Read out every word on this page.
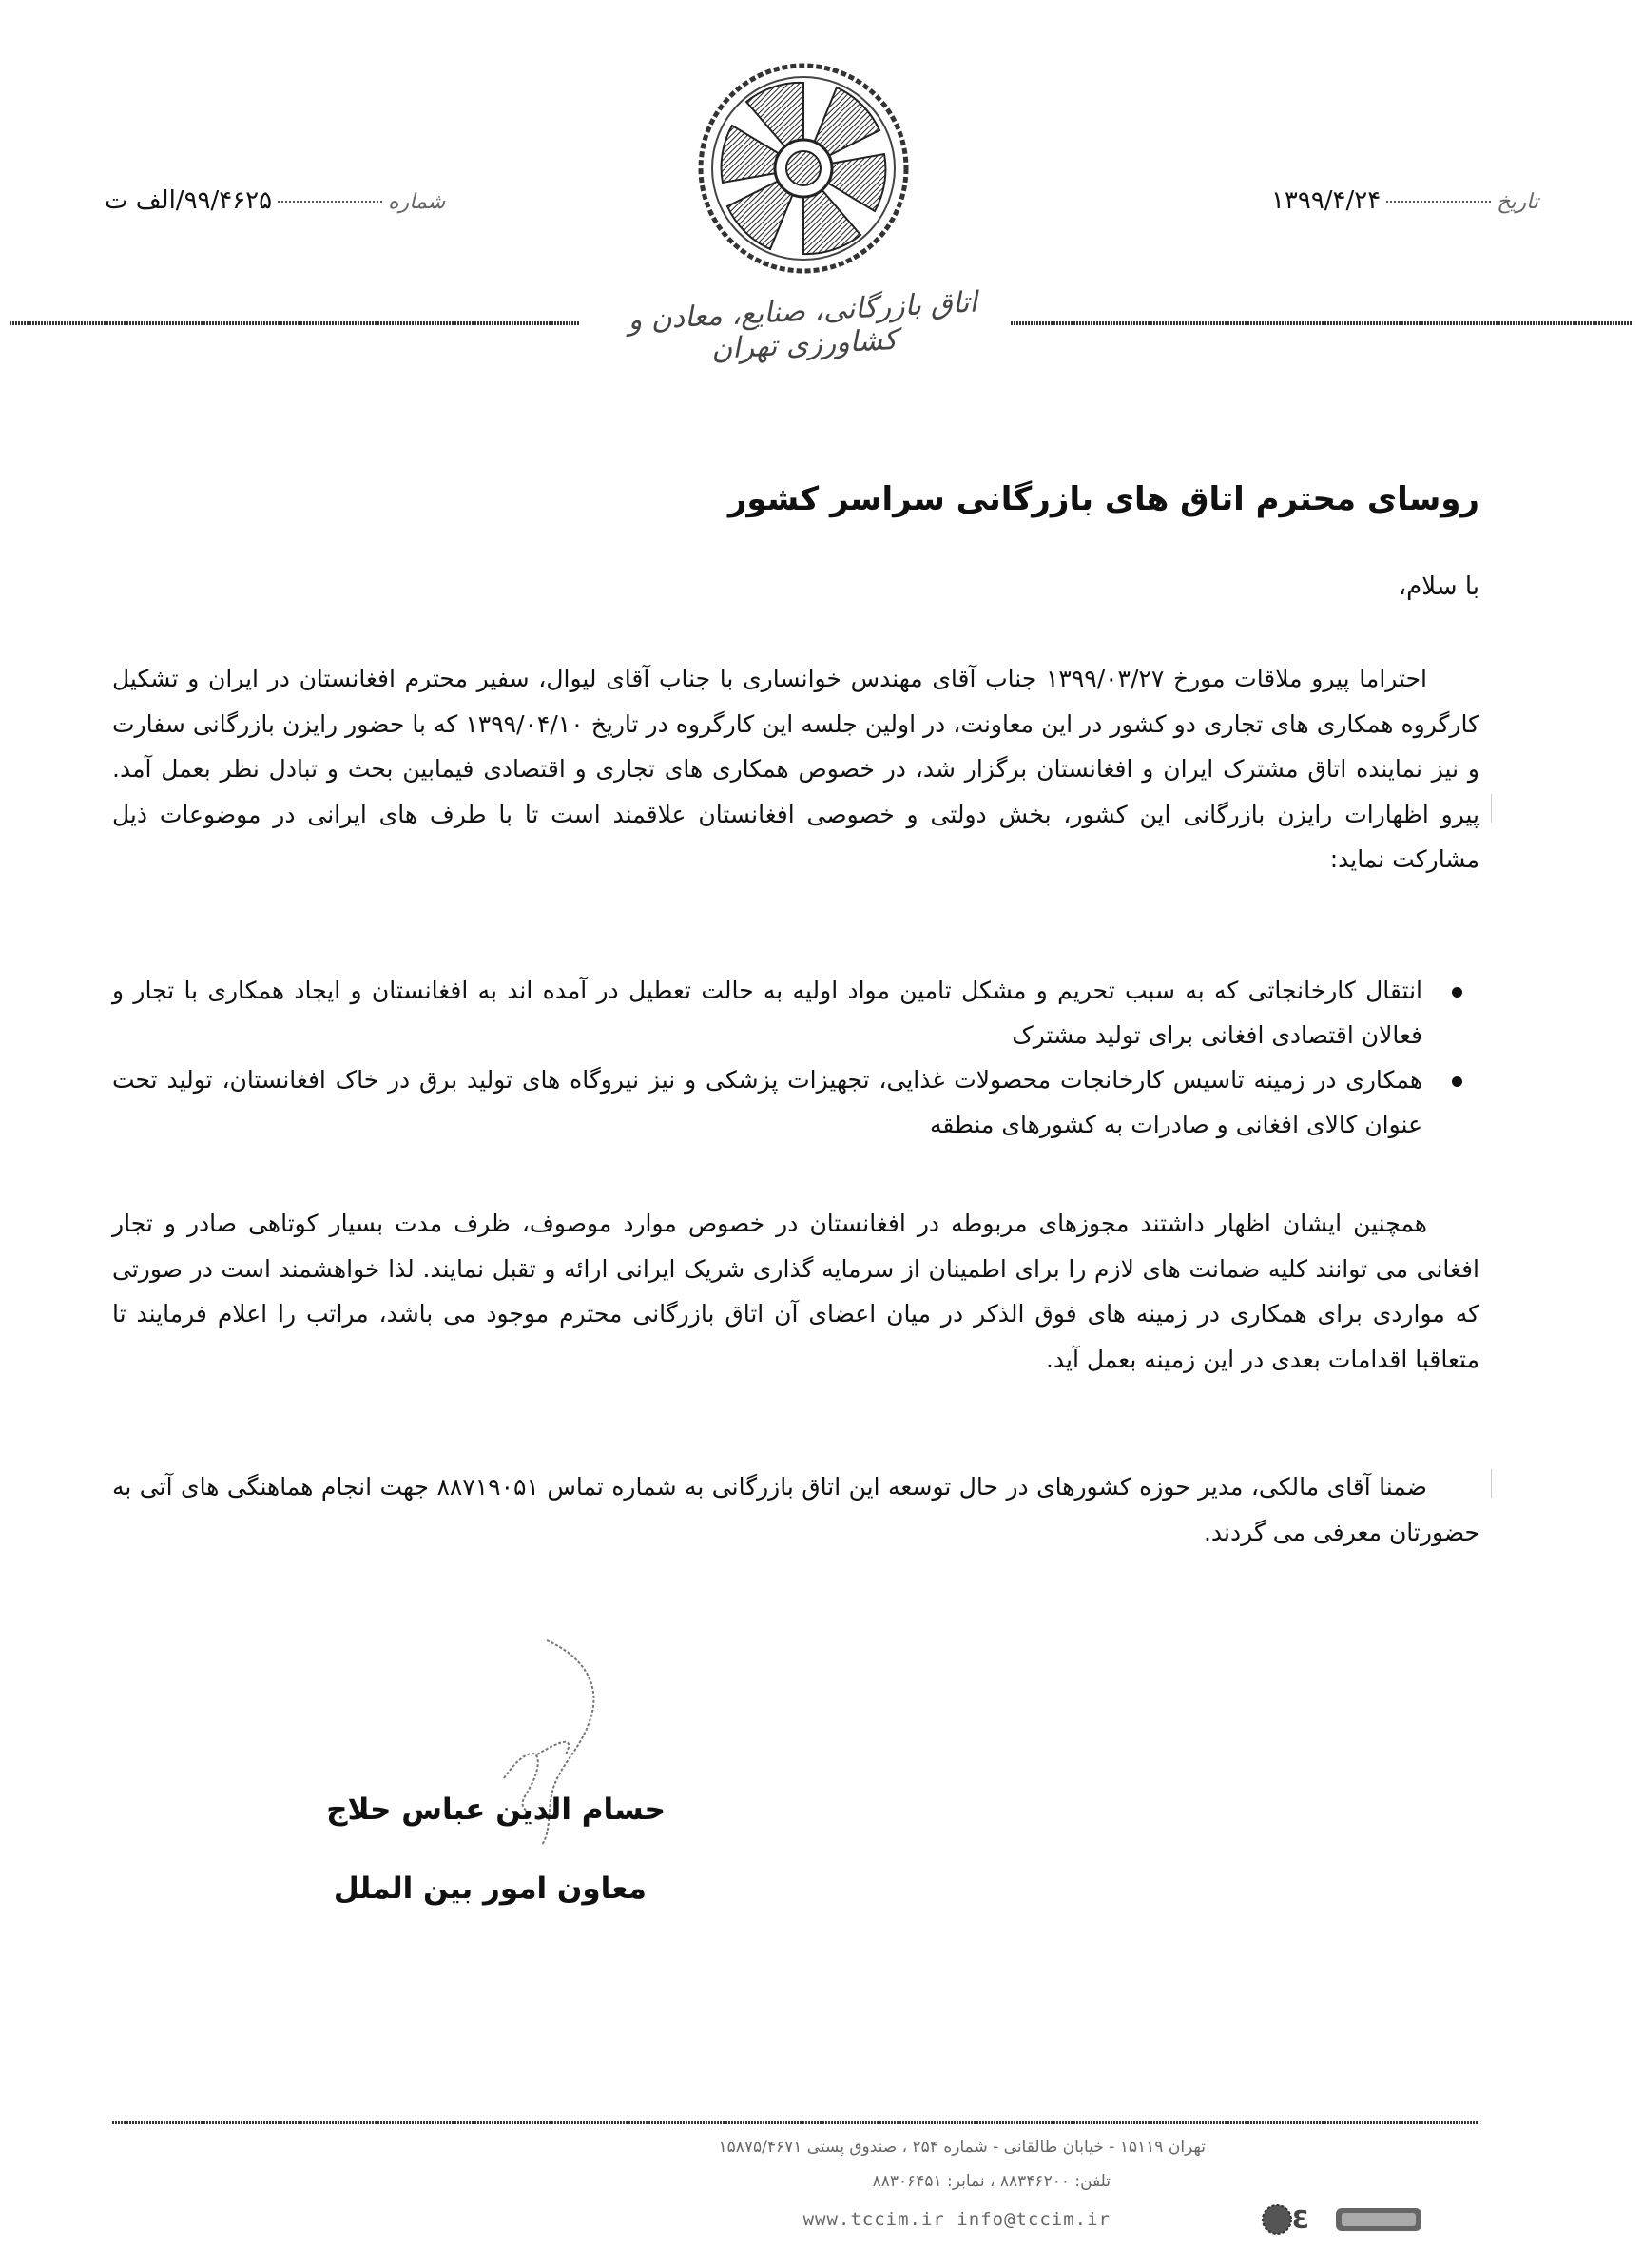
شماره۹۹/۴۶۲۵/الف ت	تاریخ۱۳۹۹/۴/۲۴
اتاق بازرگانی، صنایع، معادن و کشاورزی تهران
روسای محترم اتاق های بازرگانی سراسر کشور
با سلام،
احتراما پیرو ملاقات مورخ ۱۳۹۹/۰۳/۲۷ جناب آقای مهندس خوانساری با جناب آقای لیوال، سفیر محترم افغانستان در ایران و تشکیل کارگروه همکاری های تجاری دو کشور در این معاونت، در اولین جلسه این کارگروه در تاریخ ۱۳۹۹/۰۴/۱۰ که با حضور رایزن بازرگانی سفارت و نیز نماینده اتاق مشترک ایران و افغانستان برگزار شد، در خصوص همکاری های تجاری و اقتصادی فیمابین بحث و تبادل نظر بعمل آمد. پیرو اظهارات رایزن بازرگانی این کشور، بخش دولتی و خصوصی افغانستان علاقمند است تا با طرف های ایرانی در موضوعات ذیل مشارکت نماید:
انتقال کارخانجاتی که به سبب تحریم و مشکل تامین مواد اولیه به حالت تعطیل در آمده اند به افغانستان و ایجاد همکاری با تجار و فعالان اقتصادی افغانی برای تولید مشترک
همکاری در زمینه تاسیس کارخانجات محصولات غذایی، تجهیزات پزشکی و نیز نیروگاه های تولید برق در خاک افغانستان، تولید تحت عنوان کالای افغانی و صادرات به کشورهای منطقه
همچنین ایشان اظهار داشتند مجوزهای مربوطه در افغانستان در خصوص موارد موصوف، ظرف مدت بسیار کوتاهی صادر و تجار افغانی می توانند کلیه ضمانت های لازم را برای اطمینان از سرمایه گذاری شریک ایرانی ارائه و تقبل نمایند. لذا خواهشمند است در صورتی که مواردی برای همکاری در زمینه های فوق الذکر در میان اعضای آن اتاق بازرگانی محترم موجود می باشد، مراتب را اعلام فرمایند تا متعاقبا اقدامات بعدی در این زمینه بعمل آید.
ضمنا آقای مالکی، مدیر حوزه کشورهای در حال توسعه این اتاق بازرگانی به شماره تماس ۸۸۷۱۹۰۵۱ جهت انجام هماهنگی های آتی به حضورتان معرفی می گردند.
حسام الدین عباس حلاج
معاون امور بین الملل
تهران ۱۵۱۱۹ - خیابان طالقانی - شماره ۲۵۴ ، صندوق پستی ۱۵۸۷۵/۴۶۷۱
تلفن: ۸۸۳۴۶۲۰۰ ، نمابر: ۸۸۳۰۶۴۵۱
www.tccim.ir info@tccim.ir	Ɛ
